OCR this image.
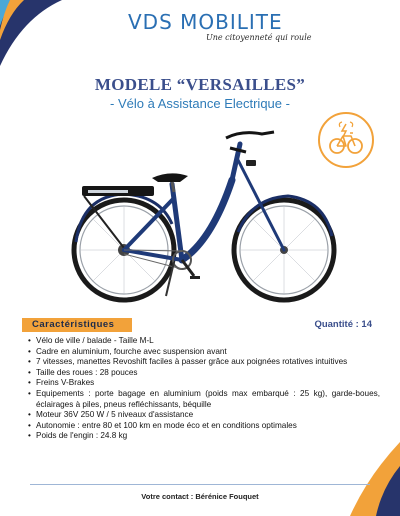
VDS MOBILITE
Une citoyenneté qui roule
MODELE “VERSAILLES”
- Vélo à Assistance Electrique -
Caractéristiques	Quantité : 14
• Vélo de ville / balade - Taille M-L
• Cadre en aluminium, fourche avec suspension avant
• 7 vitesses, manettes Revoshift faciles à passer grâce aux poignées rotatives intuitives
• Taille des roues : 28 pouces
• Freins V-Brakes
• Equipements : porte bagage en aluminium (poids max embarqué : 25 kg), garde-boues, éclairages à piles, pneus refléchissants, béquille
• Moteur 36V 250 W / 5 niveaux d'assistance
• Autonomie : entre 80 et 100 km en mode éco et en conditions optimales
• Poids de l'engin : 24.8 kg
Votre contact : Bérénice Fouquet
